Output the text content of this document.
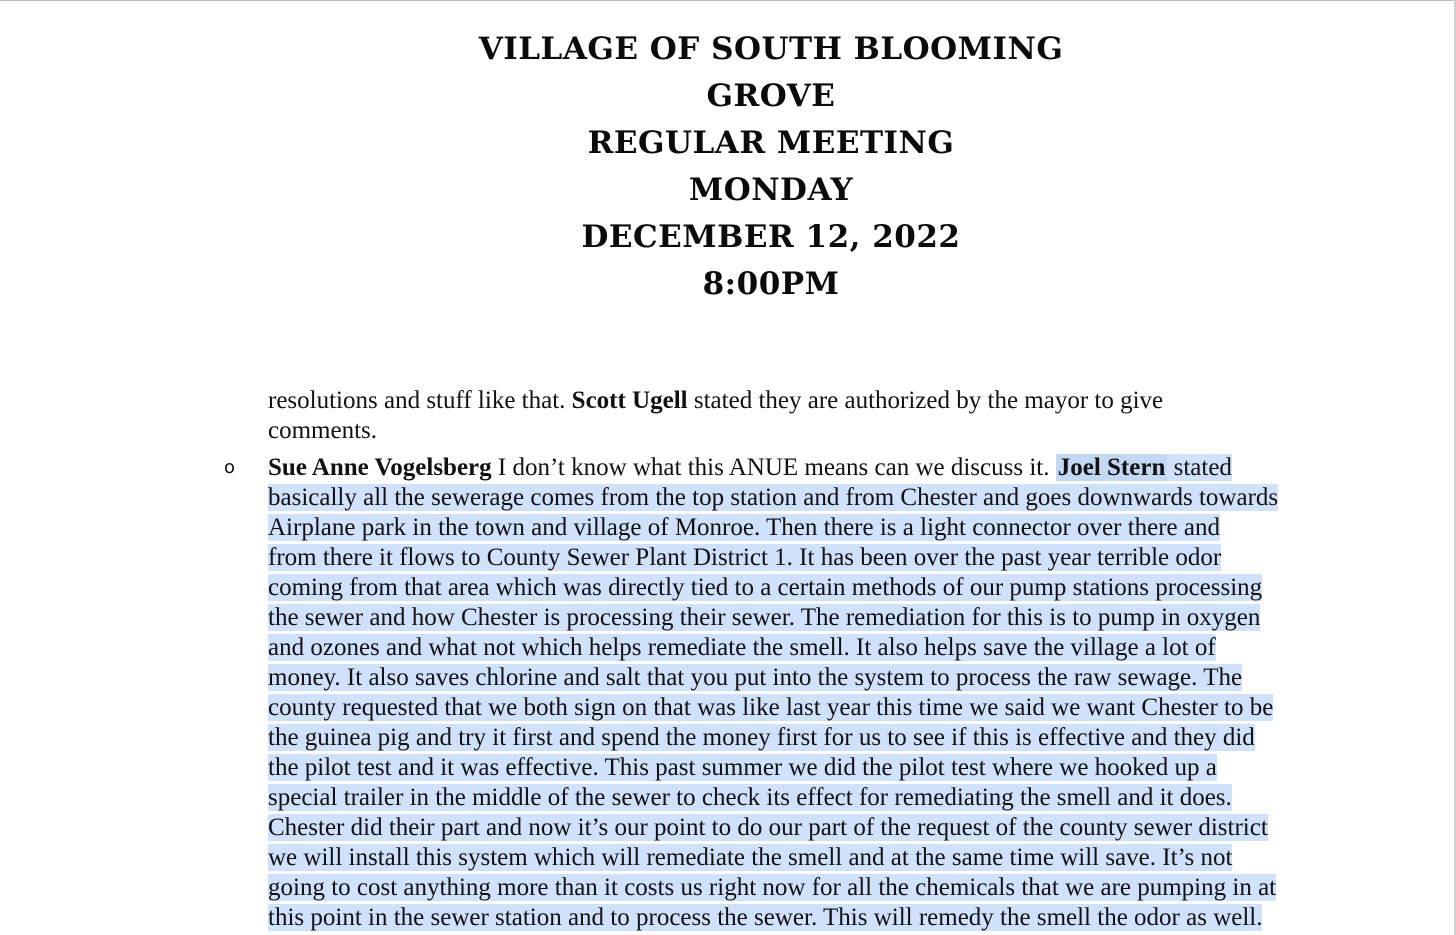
VILLAGE OF SOUTH BLOOMING
GROVE
REGULAR MEETING
MONDAY
DECEMBER 12, 2022
8:00PM
resolutions and stuff like that. Scott Ugell stated they are authorized by the mayor to give
comments.
o Sue Anne Vogelsberg I don’t know what this ANUE means can we discuss it. Joel Stern stated
basically all the sewerage comes from the top station and from Chester and goes downwards towards
Airplane park in the town and village of Monroe. Then there is a light connector over there and
from there it flows to County Sewer Plant District 1. It has been over the past year terrible odor
coming from that area which was directly tied to a certain methods of our pump stations processing
the sewer and how Chester is processing their sewer. The remediation for this is to pump in oxygen
and ozones and what not which helps remediate the smell. It also helps save the village a lot of
money. It also saves chlorine and salt that you put into the system to process the raw sewage. The
county requested that we both sign on that was like last year this time we said we want Chester to be
the guinea pig and try it first and spend the money first for us to see if this is effective and they did
the pilot test and it was effective. This past summer we did the pilot test where we hooked up a
special trailer in the middle of the sewer to check its effect for remediating the smell and it does.
Chester did their part and now it’s our point to do our part of the request of the county sewer district
we will install this system which will remediate the smell and at the same time will save. It’s not
going to cost anything more than it costs us right now for all the chemicals that we are pumping in at
this point in the sewer station and to process the sewer. This will remedy the smell the odor as well.
